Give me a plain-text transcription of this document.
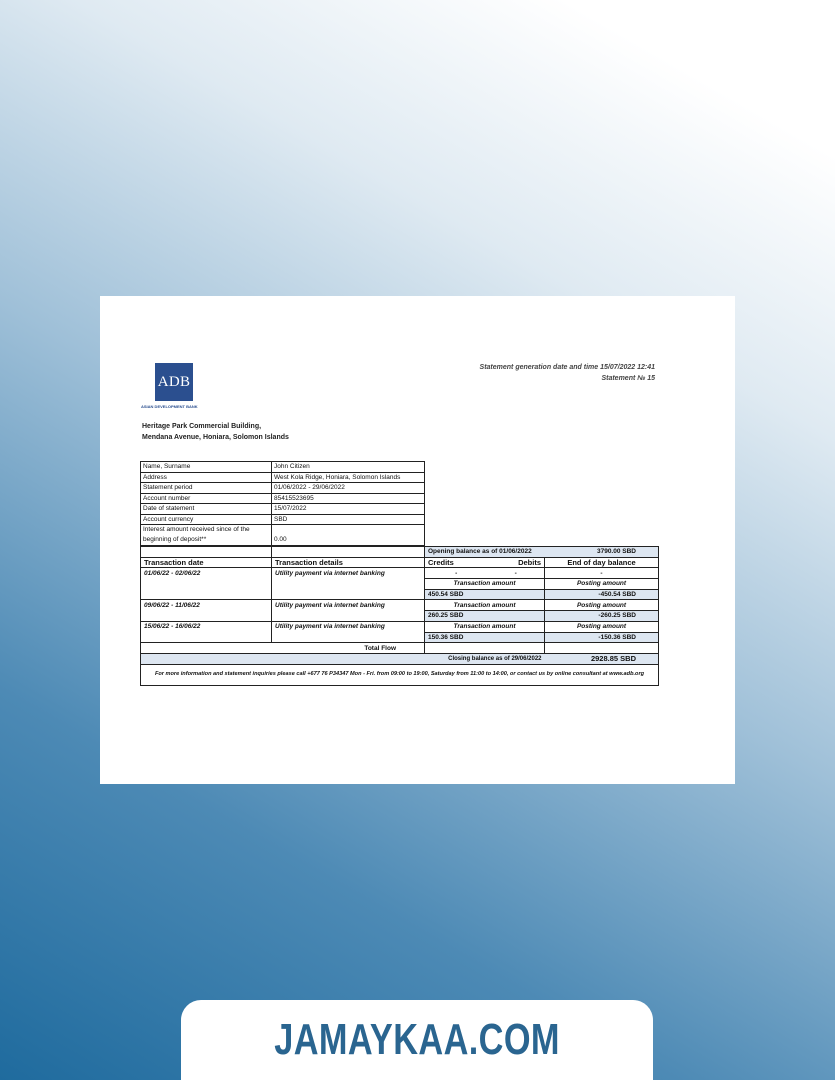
ADB
ASIAN DEVELOPMENT BANK
Statement generation date and time 15/07/2022 12:41
Statement № 15
Heritage Park Commercial Building,
Mendana Avenue, Honiara, Solomon Islands
Name, Surname	John Citizen
Address	West Kola Ridge, Honiara, Solomon Islands
Statement period	01/06/2022 - 29/06/2022
Account number	85415523695
Date of statement	15/07/2022
Account currency	SBD
Interest amount received since of the beginning of deposit**	0.00
		Opening balance as of 01/06/2022		3790.00 SBD
Transaction date	Transaction details	Credits	Debits	End of day balance
01/06/22 - 02/06/22	Utility payment via internet banking	-	-	-
		Transaction amount		Posting amount
		450.54 SBD		-450.54 SBD
09/06/22 - 11/06/22	Utility payment via internet banking	Transaction amount		Posting amount
		260.25 SBD		-260.25 SBD
15/06/22 - 16/06/22	Utility payment via internet banking	Transaction amount		Posting amount
		150.36 SBD		-150.36 SBD
	Total Flow			
		Closing balance as of 29/06/2022		2928.85 SBD
For more information and statement inquiries please call +677 76 P34347 Mon - Fri. from 09:00 to 19:00, Saturday from 11:00 to 14:00, or contact us by online consultant at www.adb.org				
JAMAYKAA.COM
